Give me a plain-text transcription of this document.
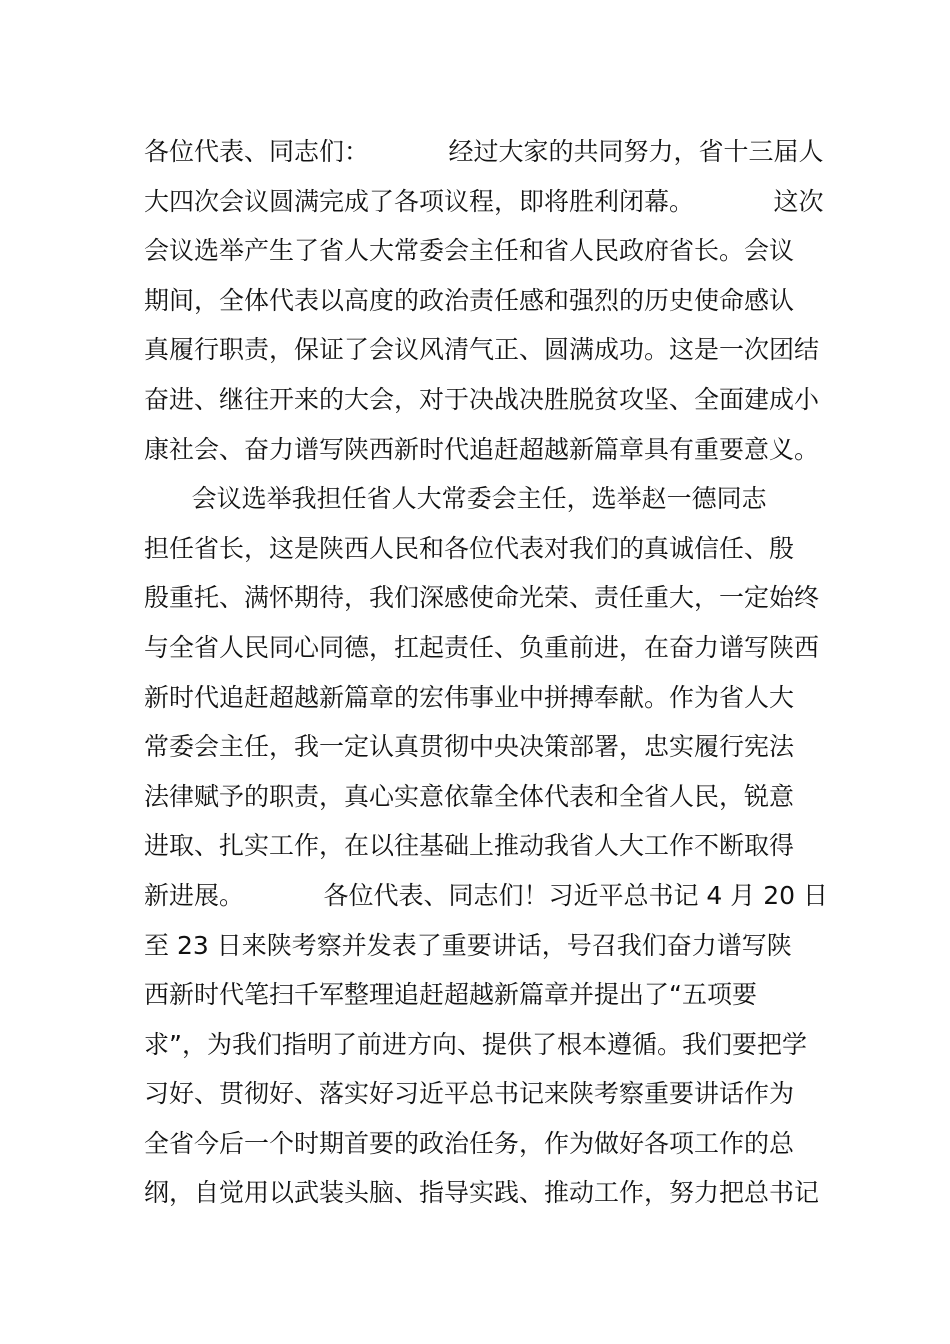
各位代表、同志们：          经过大家的共同努力，省十三届人
大四次会议圆满完成了各项议程，即将胜利闭幕。          这次
会议选举产生了省人大常委会主任和省人民政府省长。会议
期间，全体代表以高度的政治责任感和强烈的历史使命感认
真履行职责，保证了会议风清气正、圆满成功。这是一次团结
奋进、继往开来的大会，对于决战决胜脱贫攻坚、全面建成小
康社会、奋力谱写陕西新时代追赶超越新篇章具有重要意义。
会议选举我担任省人大常委会主任，选举赵一德同志
担任省长，这是陕西人民和各位代表对我们的真诚信任、殷
殷重托、满怀期待，我们深感使命光荣、责任重大，一定始终
与全省人民同心同德，扛起责任、负重前进，在奋力谱写陕西
新时代追赶超越新篇章的宏伟事业中拼搏奉献。作为省人大
常委会主任，我一定认真贯彻中央决策部署，忠实履行宪法
法律赋予的职责，真心实意依靠全体代表和全省人民，锐意
进取、扎实工作，在以往基础上推动我省人大工作不断取得
新进展。          各位代表、同志们！习近平总书记 4 月 20 日
至 23 日来陕考察并发表了重要讲话，号召我们奋力谱写陕
西新时代笔扫千军整理追赶超越新篇章并提出了“五项要
求”，为我们指明了前进方向、提供了根本遵循。我们要把学
习好、贯彻好、落实好习近平总书记来陕考察重要讲话作为
全省今后一个时期首要的政治任务，作为做好各项工作的总
纲，自觉用以武装头脑、指导实践、推动工作，努力把总书记
